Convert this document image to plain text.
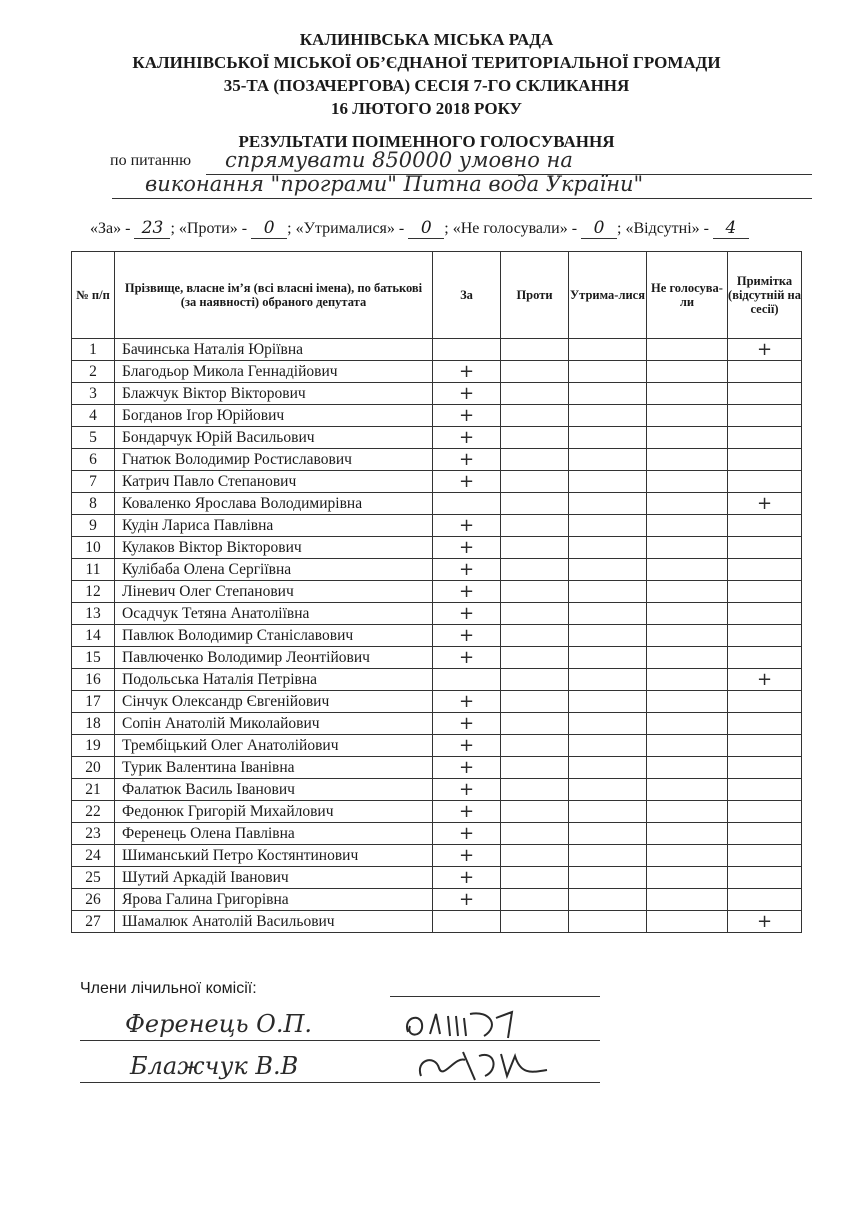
КАЛИНІВСЬКА МІСЬКА РАДА
КАЛИНІВСЬКОЇ МІСЬКОЇ ОБ’ЄДНАНОЇ ТЕРИТОРІАЛЬНОЇ ГРОМАДИ
35-ТА (ПОЗАЧЕРГОВА) СЕСІЯ 7-ГО СКЛИКАННЯ
16 ЛЮТОГО 2018 РОКУ
РЕЗУЛЬТАТИ ПОІМЕННОГО ГОЛОСУВАННЯ
по питанню спрямувати 850000 умовно на
виконання "програми" Питна вода України"
«За» - 23 ; «Проти» - 0 ; «Утрималися» - 0 ; «Не голосували» - 0 ; «Відсутні» - 4
№ п/п	Прізвище, власне ім’я (всі власні імена), по батькові (за наявності) обраного депутата	За	Проти	Утрима-лися	Не голосува-ли	Примітка (відсутній на сесії)
1	Бачинська Наталія Юріївна					+
2	Благодьор Микола Геннадійович	+				
3	Блажчук Віктор Вікторович	+				
4	Богданов Ігор Юрійович	+				
5	Бондарчук Юрій Васильович	+				
6	Гнатюк Володимир Ростиславович	+				
7	Катрич Павло Степанович	+				
8	Коваленко Ярослава Володимирівна					+
9	Кудін Лариса Павлівна	+				
10	Кулаков Віктор Вікторович	+				
11	Кулібаба Олена Сергіївна	+				
12	Ліневич Олег Степанович	+				
13	Осадчук Тетяна Анатоліївна	+				
14	Павлюк Володимир Станіславович	+				
15	Павлюченко Володимир Леонтійович	+				
16	Подольська Наталія Петрівна					+
17	Сінчук Олександр Євгенійович	+				
18	Сопін Анатолій Миколайович	+				
19	Трембіцький Олег Анатолійович	+				
20	Турик Валентина Іванівна	+				
21	Фалатюк Василь Іванович	+				
22	Федонюк Григорій Михайлович	+				
23	Ференець Олена Павлівна	+				
24	Шиманський Петро Костянтинович	+				
25	Шутий Аркадій Іванович	+				
26	Ярова Галина Григорівна	+				
27	Шамалюк Анатолій Васильович					+
Члени лічильної комісії:
Ференець О.П.
Блажчук В.В
